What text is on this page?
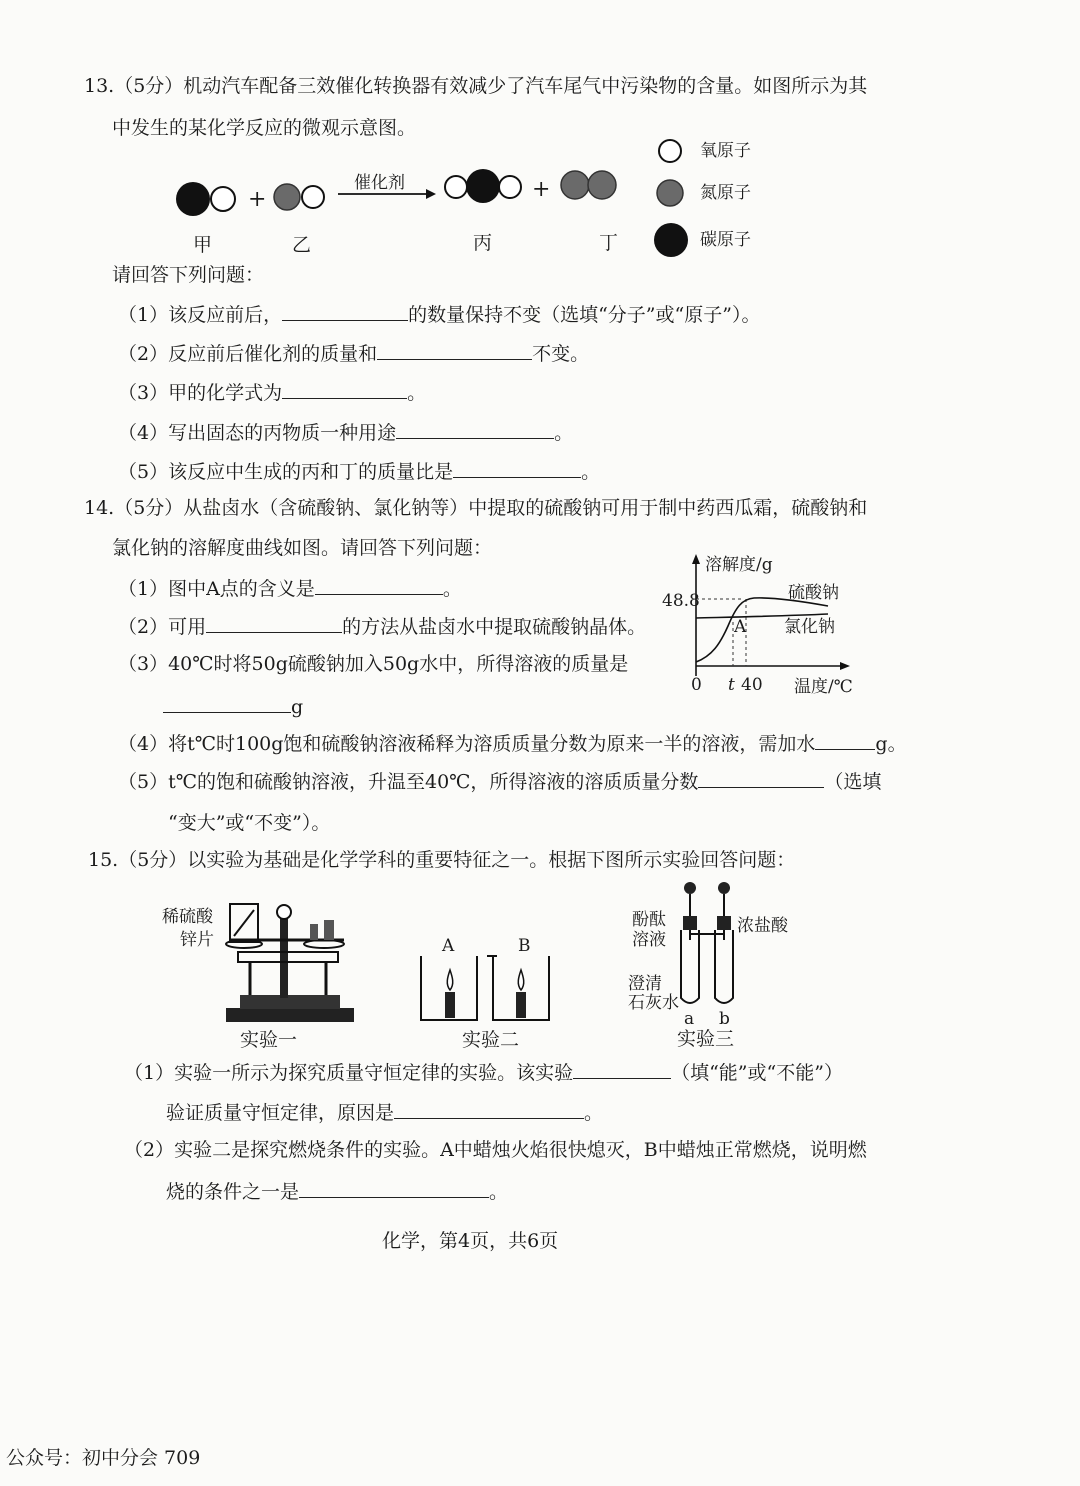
13.（5分）机动汽车配备三效催化转换器有效减少了汽车尾气中污染物的含量。如图所示为其
中发生的某化学反应的微观示意图。
+
催化剂	+
甲	乙	丙	丁
氧原子
氮原子
碳原子
请回答下列问题：
（1）该反应前后，	的数量保持不变（选填“分子”或“原子”）。
（2）反应前后催化剂的质量和	不变。
（3）甲的化学式为	。
（4）写出固态的丙物质一种用途	。
（5）该反应中生成的丙和丁的质量比是	。
14.（5分）从盐卤水（含硫酸钠、氯化钠等）中提取的硫酸钠可用于制中药西瓜霜，硫酸钠和
氯化钠的溶解度曲线如图。请回答下列问题：
（1）图中A点的含义是	。
（2）可用	的方法从盐卤水中提取硫酸钠晶体。
（3）40℃时将50g硫酸钠加入50g水中，所得溶液的质量是
g
（4）将t℃时100g饱和硫酸钠溶液稀释为溶质质量分数为原来一半的溶液，需加水	g。
（5）t℃的饱和硫酸钠溶液，升温至40℃，所得溶液的溶质质量分数	（选填
“变大”或“不变”）。
溶解度/g
48.8	硫酸钠
氯化钠
A
0 t 40 温度/℃
15.（5分）以实验为基础是化学学科的重要特征之一。根据下图所示实验回答问题：
稀硫酸
锌片	A	B
酚酞
溶液
浓盐酸
澄清
石灰水
a b
实验一	实验二	实验三
（1）实验一所示为探究质量守恒定律的实验。该实验	（填“能”或“不能”）
验证质量守恒定律，原因是	。
（2）实验二是探究燃烧条件的实验。A中蜡烛火焰很快熄灭，B中蜡烛正常燃烧，说明燃
烧的条件之一是	。
化学，第4页，共6页
公众号：初中分会 709
